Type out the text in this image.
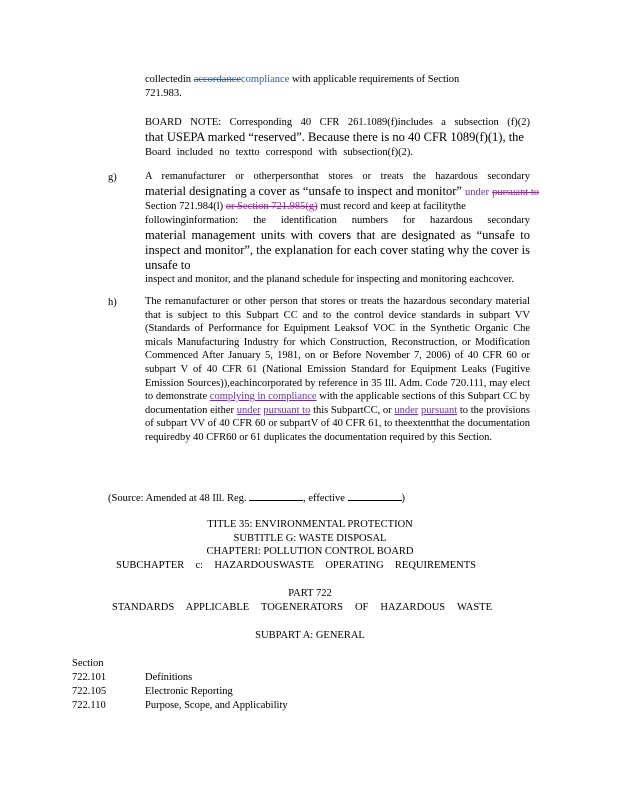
collectedin accordancecompliance with applicable requirements of Section
721.983.
BOARD NOTE: Corresponding 40 CFR 261.1089(f)includes a subsection (f)(2)
that USEPA marked “reserved”. Because there is no 40 CFR 1089(f)(1), the
Board included no textto correspond with subsection(f)(2).
g)	A remanufacturer or otherpersonthat stores or treats the hazardous secondary
material designating a cover as “unsafe to inspect and monitor” under pursuant to
Section 721.984(l) or Section 721.985(g) must record and keep at facilitythe
followinginformation: the identification numbers for hazardous secondary
material management units with covers that are designated as “unsafe to inspect and monitor”, the explanation for each cover stating why the cover is unsafe to
inspect and monitor, and the planand schedule for inspecting and monitoring eachcover.
h)	The remanufacturer or other person that stores or treats the hazardous secondary material that is subject to this Subpart CC and to the control device standards in subpart VV (Standards of Performance for Equipment Leaksof VOC in the Synthetic Organic Che micals Manufacturing Industry for which Construction, Reconstruction, or Modification Commenced After January 5, 1981, on or Before November 7, 2006) of 40 CFR 60 or subpart V of 40 CFR 61 (National Emission Standard for Equipment Leaks (Fugitive Emission Sources)),eachincorporated by reference in 35 Ill. Adm. Code 720.111, may elect to demonstrate complying in compliance with the applicable sections of this Subpart CC by documentation either under pursuant to this SubpartCC, or under pursuant to the provisions of subpart VV of 40 CFR 60 or subpartV of 40 CFR 61, to theextentthat the documentation requiredby 40 CFR60 or 61 duplicates the documentation required by this Section.
(Source: Amended at 48 Ill. Reg.	, effective	)
TITLE 35: ENVIRONMENTAL PROTECTION
SUBTITLE G: WASTE DISPOSAL
CHAPTERI: POLLUTION CONTROL BOARD
SUBCHAPTER c: HAZARDOUSWASTE OPERATING REQUIREMENTS
PART 722
STANDARDS APPLICABLE TOGENERATORS OF HAZARDOUS WASTE
SUBPART A: GENERAL
Section
722.101	Definitions
722.105	Electronic Reporting
722.110	Purpose, Scope, and Applicability
